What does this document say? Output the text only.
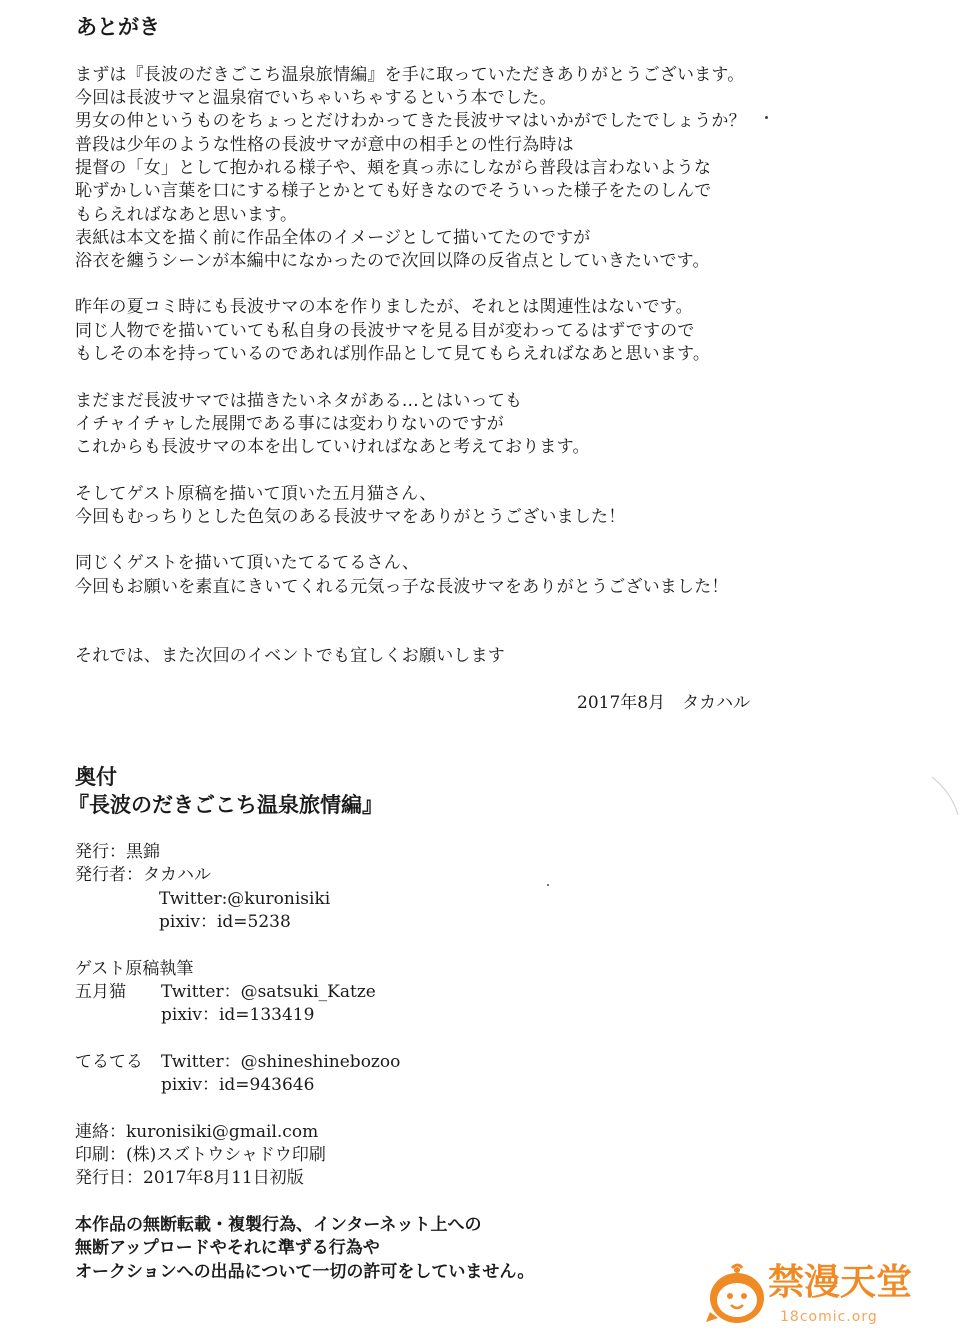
あとがき
まずは『長波のだきごこち温泉旅情編』を手に取っていただきありがとうございます。
今回は長波サマと温泉宿でいちゃいちゃするという本でした。
男女の仲というものをちょっとだけわかってきた長波サマはいかがでしたでしょうか？
普段は少年のような性格の長波サマが意中の相手との性行為時は
提督の「女」として抱かれる様子や、頬を真っ赤にしながら普段は言わないような
恥ずかしい言葉を口にする様子とかとても好きなのでそういった様子をたのしんで
もらえればなあと思います。
表紙は本文を描く前に作品全体のイメージとして描いてたのですが
浴衣を纏うシーンが本編中になかったので次回以降の反省点としていきたいです。
昨年の夏コミ時にも長波サマの本を作りましたが、それとは関連性はないです。
同じ人物でを描いていても私自身の長波サマを見る目が変わってるはずですので
もしその本を持っているのであれば別作品として見てもらえればなあと思います。
まだまだ長波サマでは描きたいネタがある…とはいっても
イチャイチャした展開である事には変わりないのですが
これからも長波サマの本を出していければなあと考えております。
そしてゲスト原稿を描いて頂いた五月猫さん、
今回もむっちりとした色気のある長波サマをありがとうございました！
同じくゲストを描いて頂いたてるてるさん、
今回もお願いを素直にきいてくれる元気っ子な長波サマをありがとうございました！
それでは、また次回のイベントでも宜しくお願いします
2017年8月　タカハル
奥付
『長波のだきごこち温泉旅情編』
発行：黒錦
発行者：タカハル
Twitter:@kuronisiki
pixiv：id=5238
ゲスト原稿執筆
五月猫 Twitter：@satsuki_Katze
pixiv：id=133419
てるてる Twitter：@shineshinebozoo
pixiv：id=943646
連絡：kuronisiki@gmail.com
印刷：(株)スズトウシャドウ印刷
発行日：2017年8月11日初版
本作品の無断転載・複製行為、インターネット上への
無断アップロードやそれに準ずる行為や
オークションへの出品について一切の許可をしていません。	禁漫天堂
18comic.org
